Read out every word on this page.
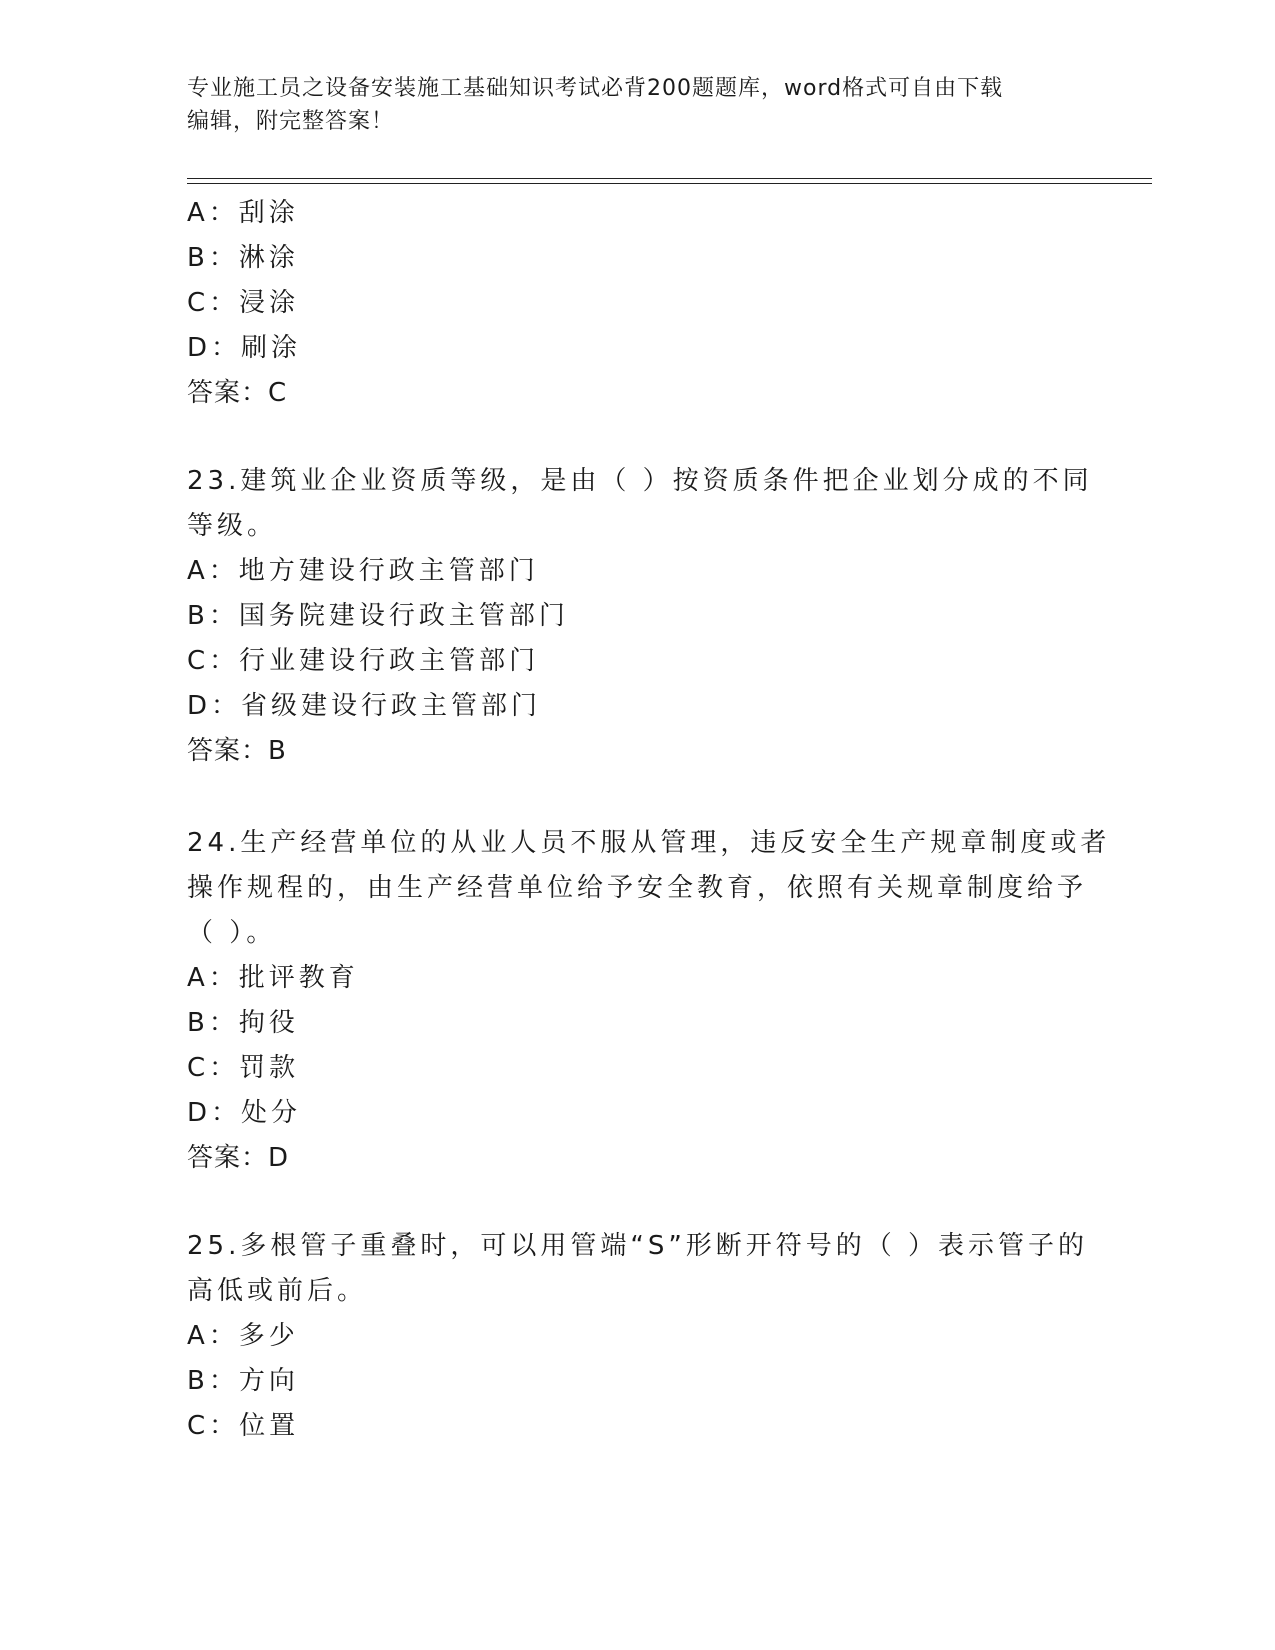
专业施工员之设备安装施工基础知识考试必背200题题库，word格式可自由下载
编辑，附完整答案！
A：刮涂
B：淋涂
C：浸涂
D：刷涂
答案：C
23.建筑业企业资质等级，是由（ ）按资质条件把企业划分成的不同
等级。
A：地方建设行政主管部门
B：国务院建设行政主管部门
C：行业建设行政主管部门
D：省级建设行政主管部门
答案：B
24.生产经营单位的从业人员不服从管理，违反安全生产规章制度或者
操作规程的，由生产经营单位给予安全教育，依照有关规章制度给予
（ ）。
A：批评教育
B：拘役
C：罚款
D：处分
答案：D
25.多根管子重叠时，可以用管端“S”形断开符号的（ ）表示管子的
高低或前后。
A：多少
B：方向
C：位置
